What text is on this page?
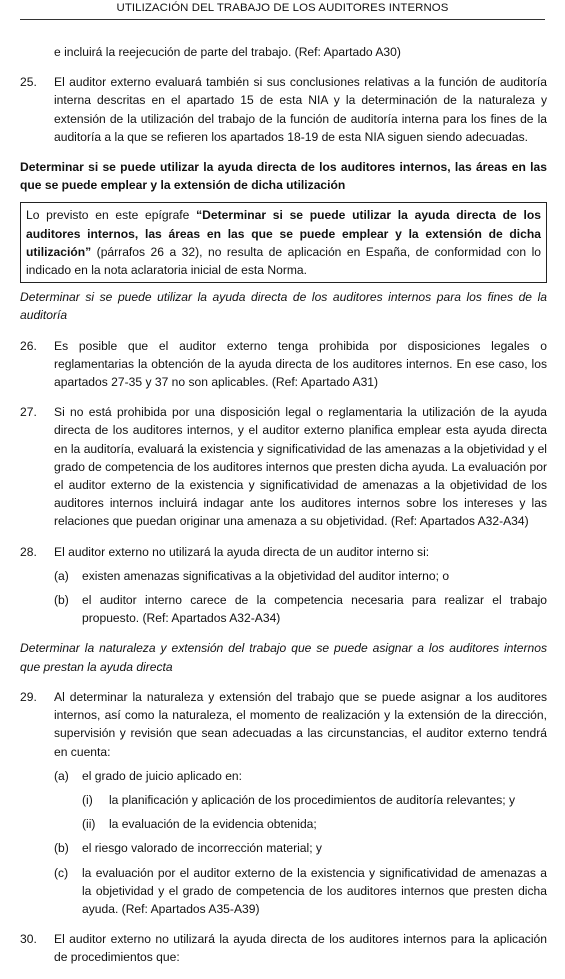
UTILIZACIÓN DEL TRABAJO DE LOS AUDITORES INTERNOS

e incluirá la reejecución de parte del trabajo. (Ref: Apartado A30)

25.	El auditor externo evaluará también si sus conclusiones relativas a la función de auditoría interna descritas en el apartado 15 de esta NIA y la determinación de la naturaleza y extensión de la utilización del trabajo de la función de auditoría interna para los fines de la auditoría a la que se refieren los apartados 18-19 de esta NIA siguen siendo adecuadas.

Determinar si se puede utilizar la ayuda directa de los auditores internos, las áreas en las que se puede emplear y la extensión de dicha utilización

Lo previsto en este epígrafe “Determinar si se puede utilizar la ayuda directa de los auditores internos, las áreas en las que se puede emplear y la extensión de dicha utilización” (párrafos 26 a 32), no resulta de aplicación en España, de conformidad con lo indicado en la nota aclaratoria inicial de esta Norma.

Determinar si se puede utilizar la ayuda directa de los auditores internos para los fines de la auditoría

26.	Es posible que el auditor externo tenga prohibida por disposiciones legales o reglamentarias la obtención de la ayuda directa de los auditores internos. En ese caso, los apartados 27-35 y 37 no son aplicables. (Ref: Apartado A31)

27.	Si no está prohibida por una disposición legal o reglamentaria la utilización de la ayuda directa de los auditores internos, y el auditor externo planifica emplear esta ayuda directa en la auditoría, evaluará la existencia y significatividad de las amenazas a la objetividad y el grado de competencia de los auditores internos que presten dicha ayuda. La evaluación por el auditor externo de la existencia y significatividad de amenazas a la objetividad de los auditores internos incluirá indagar ante los auditores internos sobre los intereses y las relaciones que puedan originar una amenaza a su objetividad. (Ref: Apartados A32-A34)

28.	El auditor externo no utilizará la ayuda directa de un auditor interno si:

(a)	existen amenazas significativas a la objetividad del auditor interno; o

(b)	el auditor interno carece de la competencia necesaria para realizar el trabajo propuesto. (Ref: Apartados A32-A34)

Determinar la naturaleza y extensión del trabajo que se puede asignar a los auditores internos que prestan la ayuda directa

29.	Al determinar la naturaleza y extensión del trabajo que se puede asignar a los auditores internos, así como la naturaleza, el momento de realización y la extensión de la dirección, supervisión y revisión que sean adecuadas a las circunstancias, el auditor externo tendrá en cuenta:

(a)	el grado de juicio aplicado en:

(i)	la planificación y aplicación de los procedimientos de auditoría relevantes; y

(ii)	la evaluación de la evidencia obtenida;

(b)	el riesgo valorado de incorrección material; y

(c)	la evaluación por el auditor externo de la existencia y significatividad de amenazas a la objetividad y el grado de competencia de los auditores internos que presten dicha ayuda. (Ref: Apartados A35-A39)

30.	El auditor externo no utilizará la ayuda directa de los auditores internos para la aplicación de procedimientos que:
